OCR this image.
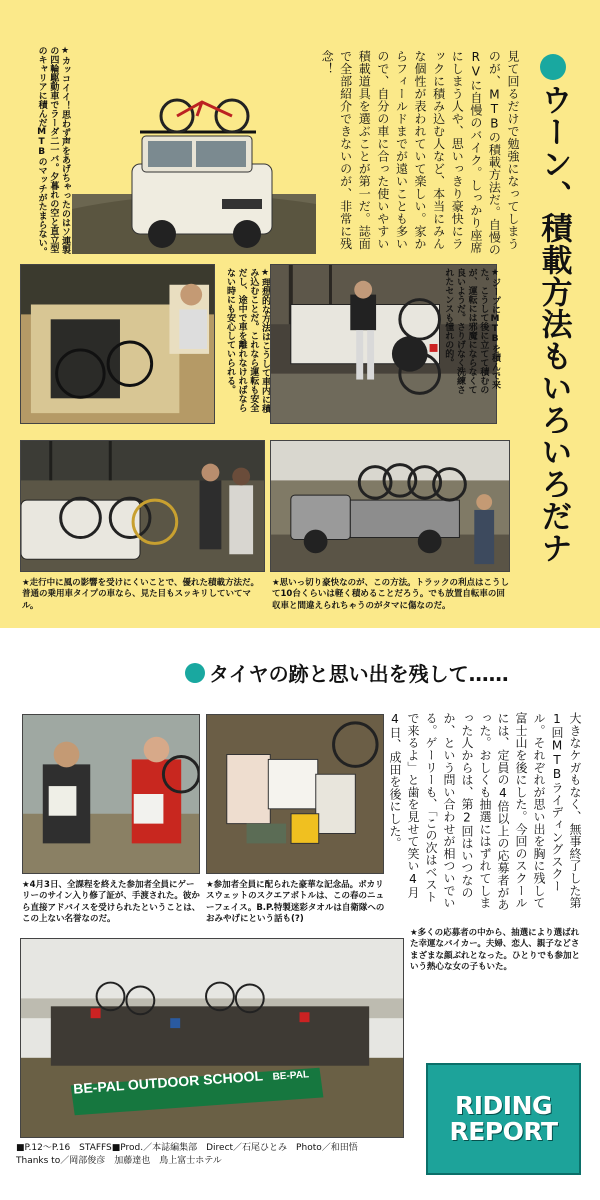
ウーン、積載方法もいろいろだナ
見て回るだけで勉強になってしまうのが、MTBの積載方法だ。自慢のRVに自慢のバイク。しっかり座席にしまう人や、思いっきり豪快にラックに積み込む人など、本当にみんな個性が表われていて楽しい。家からフィールドまでが遠いことも多いので、自分の車に合った使いやすい積載道具を選ぶことが第一だ。誌面で全部紹介できないのが、非常に残念！
★カッコイイ！思わず声をあげちゃったのはソ連製の四輪駆動車でラーダ二一バ。夕暮れの空と直立型のキャリアに積んだMTBのマッチがたまらない。
★理想的な方法はこうして車内に積み込むことだ。これなら運転も安全だし、途中で車を離れなければならない時にも安心していられる。	★ジープにMTBを積んで来た。こうして後に立てて積むのが、運転には邪魔にならなくて良いようだ。さりげなく洗練されたセンスも憧れの的。
★走行中に風の影響を受けにくいことで、優れた積載方法だ。普通の乗用車タイプの車なら、見た目もスッキリしていてマル。
★思いっ切り豪快なのが、この方法。トラックの利点はこうして10台くらいは軽く積めることだろう。でも放置自転車の回収車と間違えられちゃうのがタマに傷なのだ。
タイヤの跡と思い出を残して……
★4月3日、全課程を終えた参加者全員にゲーリーのサイン入り修了証が、手渡された。彼から直接アドバイスを受けられたということは、この上ない名誉なのだ。
★参加者全員に配られた豪華な記念品。ボカリスウェットのスクエアボトルは、この春のニューフェイス。B.P.特製迷彩タオルは自衛隊へのおみやげにという話も(?)
大きなケガもなく、無事終了した第1回MTBライディングスクール。それぞれが思い出を胸に残して富士山を後にした。今回のスクールには、定員の4倍以上の応募者があった。おしくも抽選にはずれてしまった人からは、第2回はいつなのか、という問い合わせが相ついでいる。ゲーリーも、「この次はベストで来るよ」と歯を見せて笑い4月4日、成田を後にした。
★多くの応募者の中から、抽選により選ばれた幸運なバイカー。夫婦、恋人、親子などさまざまな顔ぶれとなった。ひとりでも参加という熱心な女の子もいた。
BE-PAL OUTDOOR SCHOOL BE-PAL
RIDING
REPORT
■P.12〜P.16　STAFFS■Prod.／本誌編集部　Direct／石尾ひとみ　Photo／和田悟
Thanks to／岡部俊彦　加藤達也　鳥上富士ホテル
